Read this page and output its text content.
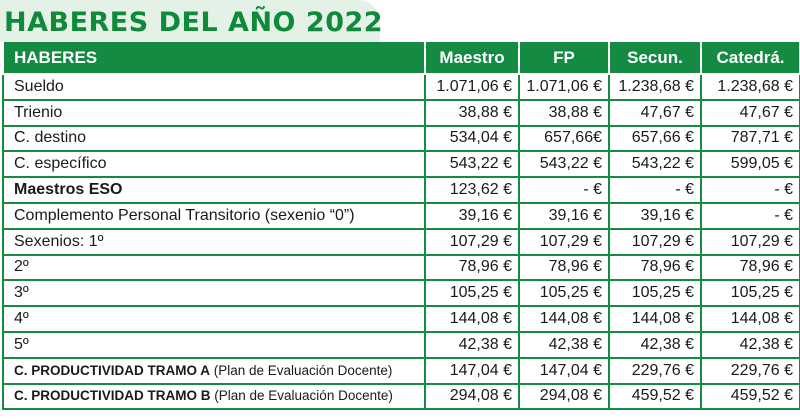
HABERES DEL AÑO 2022
HABERES	Maestro	FP	Secun.	Catedrá.
Sueldo	1.071,06 €	1.071,06 €	1.238,68 €	1.238,68 €
Trienio	38,88 €	38,88 €	47,67 €	47,67 €
C. destino	534,04 €	657,66€	657,66 €	787,71 €
C. específico	543,22 €	543,22 €	543,22 €	599,05 €
Maestros ESO	123,62 €	- €	- €	- €
Complemento Personal Transitorio (sexenio “0”)	39,16 €	39,16 €	39,16 €	- €
Sexenios: 1º	107,29 €	107,29 €	107,29 €	107,29 €
2º	78,96 €	78,96 €	78,96 €	78,96 €
3º	105,25 €	105,25 €	105,25 €	105,25 €
4º	144,08 €	144,08 €	144,08 €	144,08 €
5º	42,38 €	42,38 €	42,38 €	42,38 €
C. PRODUCTIVIDAD TRAMO A (Plan de Evaluación Docente)	147,04 €	147,04 €	229,76 €	229,76 €
C. PRODUCTIVIDAD TRAMO B (Plan de Evaluación Docente)	294,08 €	294,08 €	459,52 €	459,52 €
